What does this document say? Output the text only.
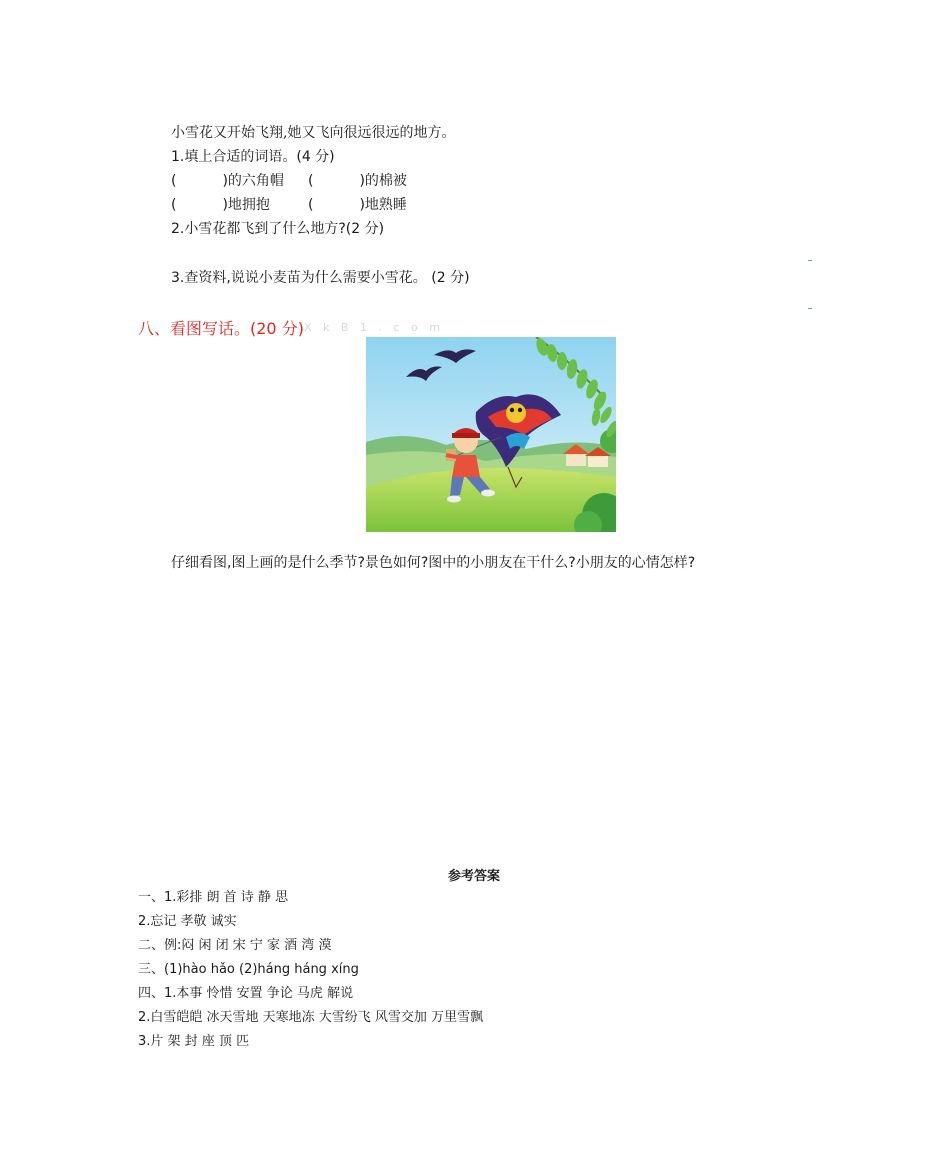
小雪花又开始飞翔,她又飞向很远很远的地方。
1.填上合适的词语。(4 分)
(	)的六角帽 (	)的棉被
(	)地拥抱	(	)地熟睡
2.小雪花都飞到了什么地方?(2 分)
3.查资料,说说小麦苗为什么需要小雪花。 (2 分)
八、看图写话。(20 分) X k B 1 . c o m
仔细看图,图上画的是什么季节?景色如何?图中的小朋友在干什么?小朋友的心情怎样?
参考答案
一、1.彩排 朗 首 诗 静 思
2.忘记 孝敬 诚实
二、例:闷 闲 闭 宋 宁 家 酒 湾 漠
三、(1)hào hǎo (2)háng háng xíng
四、1.本事 怜惜 安置 争论 马虎 解说
2.白雪皑皑 冰天雪地 天寒地冻 大雪纷飞 风雪交加 万里雪飘
3.片 架 封 座 顶 匹
